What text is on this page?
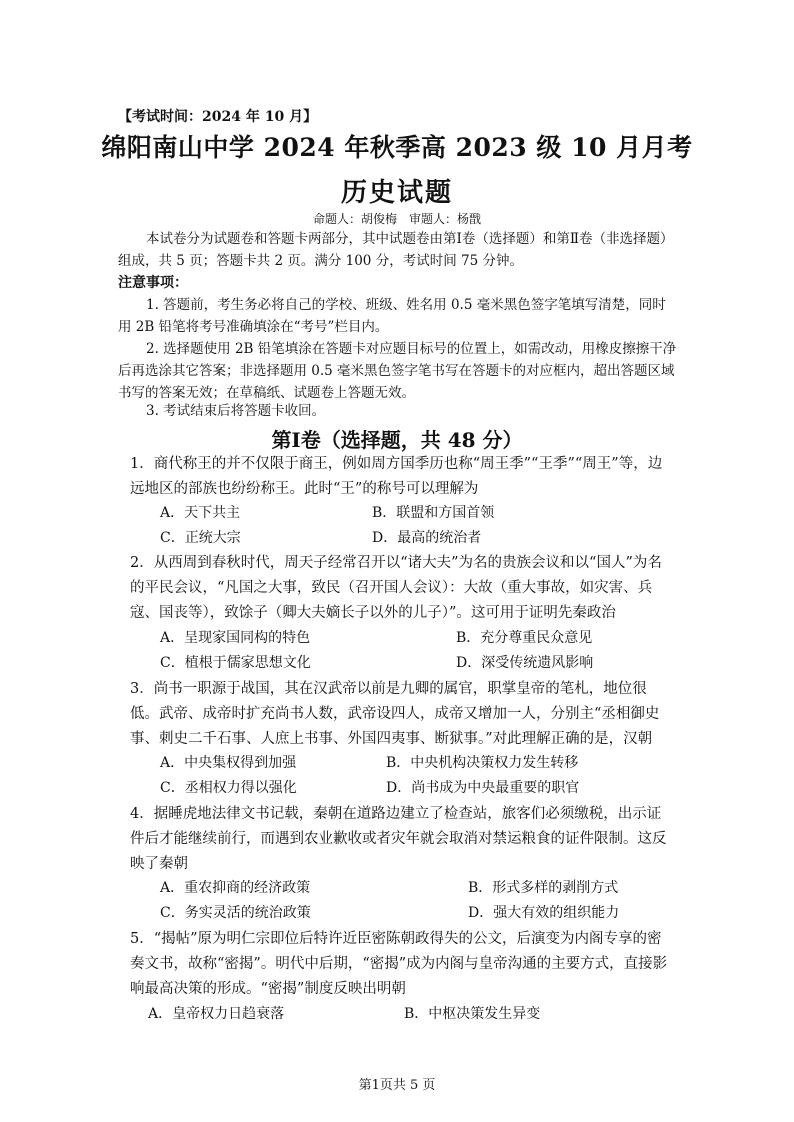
【考试时间：2024 年 10 月】
绵阳南山中学 2024 年秋季高 2023 级 10 月月考
历史试题
命题人：胡俊梅　审题人：杨戬
本试卷分为试题卷和答题卡两部分，其中试题卷由第Ⅰ卷（选择题）和第Ⅱ卷（非选择题）组成，共 5 页；答题卡共 2 页。满分 100 分，考试时间 75 分钟。
注意事项：
1. 答题前，考生务必将自己的学校、班级、姓名用 0.5 毫米黑色签字笔填写清楚，同时用 2B 铅笔将考号准确填涂在“考号”栏目内。
2. 选择题使用 2B 铅笔填涂在答题卡对应题目标号的位置上，如需改动，用橡皮擦擦干净后再选涂其它答案；非选择题用 0.5 毫米黑色签字笔书写在答题卡的对应框内，超出答题区域书写的答案无效；在草稿纸、试题卷上答题无效。
3. 考试结束后将答题卡收回。
第Ⅰ卷（选择题，共 48 分）
1．商代称王的并不仅限于商王，例如周方国季历也称“周王季”“王季”“周王”等，边远地区的部族也纷纷称王。此时“王”的称号可以理解为
A．天下共主	B．联盟和方国首领
C．正统大宗	D．最高的统治者
2．从西周到春秋时代，周天子经常召开以“诸大夫”为名的贵族会议和以“国人”为名的平民会议，“凡国之大事，致民（召开国人会议）：大故（重大事故，如灾害、兵寇、国丧等），致馀子（卿大夫嫡长子以外的儿子）”。这可用于证明先秦政治
A．呈现家国同构的特色	B．充分尊重民众意见
C．植根于儒家思想文化	D．深受传统遗风影响
3．尚书一职源于战国，其在汉武帝以前是九卿的属官，职掌皇帝的笔札，地位很低。武帝、成帝时扩充尚书人数，武帝设四人，成帝又增加一人，分别主“丞相御史事、刺史二千石事、人庶上书事、外国四夷事、断狱事。”对此理解正确的是，汉朝
A．中央集权得到加强	B．中央机构决策权力发生转移
C．丞相权力得以强化	D．尚书成为中央最重要的职官
4．据睡虎地法律文书记载，秦朝在道路边建立了检查站，旅客们必须缴税，出示证件后才能继续前行，而遇到农业歉收或者灾年就会取消对禁运粮食的证件限制。这反映了秦朝
A．重农抑商的经济政策	B．形式多样的剥削方式
C．务实灵活的统治政策	D．强大有效的组织能力
5．“揭帖”原为明仁宗即位后特许近臣密陈朝政得失的公文，后演变为内阁专享的密奏文书，故称“密揭”。明代中后期，“密揭”成为内阁与皇帝沟通的主要方式，直接影响最高决策的形成。“密揭”制度反映出明朝
A．皇帝权力日趋衰落	B．中枢决策发生异变
第1页共 5 页
